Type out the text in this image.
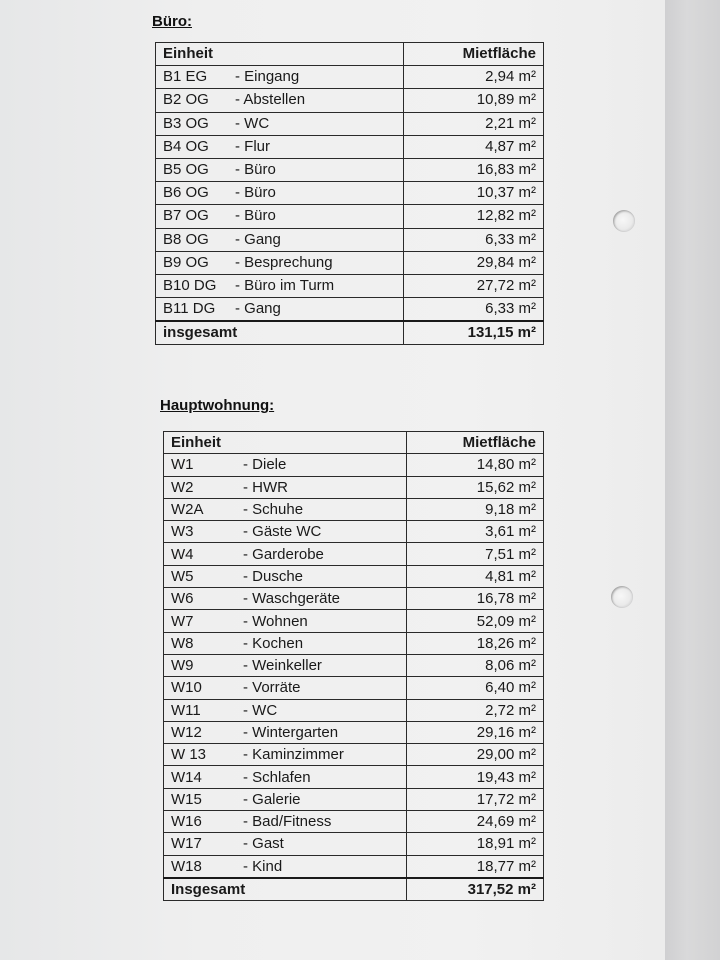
Büro:
Einheit	Mietfläche
B1 EG - Eingang	2,94 m²
B2 OG - Abstellen	10,89 m²
B3 OG - WC	2,21 m²
B4 OG - Flur	4,87 m²
B5 OG - Büro	16,83 m²
B6 OG - Büro	10,37 m²
B7 OG - Büro	12,82 m²
B8 OG - Gang	6,33 m²
B9 OG - Besprechung	29,84 m²
B10 DG - Büro im Turm	27,72 m²
B11 DG - Gang	6,33 m²
insgesamt	131,15 m²
Hauptwohnung:
Einheit	Mietfläche
W1 - Diele	14,80 m²
W2 - HWR	15,62 m²
W2A - Schuhe	9,18 m²
W3 - Gäste WC	3,61 m²
W4 - Garderobe	7,51 m²
W5 - Dusche	4,81 m²
W6 - Waschgeräte	16,78 m²
W7 - Wohnen	52,09 m²
W8 - Kochen	18,26 m²
W9 - Weinkeller	8,06 m²
W10 - Vorräte	6,40 m²
W11 - WC	2,72 m²
W12 - Wintergarten	29,16 m²
W 13 - Kaminzimmer	29,00 m²
W14 - Schlafen	19,43 m²
W15 - Galerie	17,72 m²
W16 - Bad/Fitness	24,69 m²
W17 - Gast	18,91 m²
W18 - Kind	18,77 m²
Insgesamt	317,52 m²
